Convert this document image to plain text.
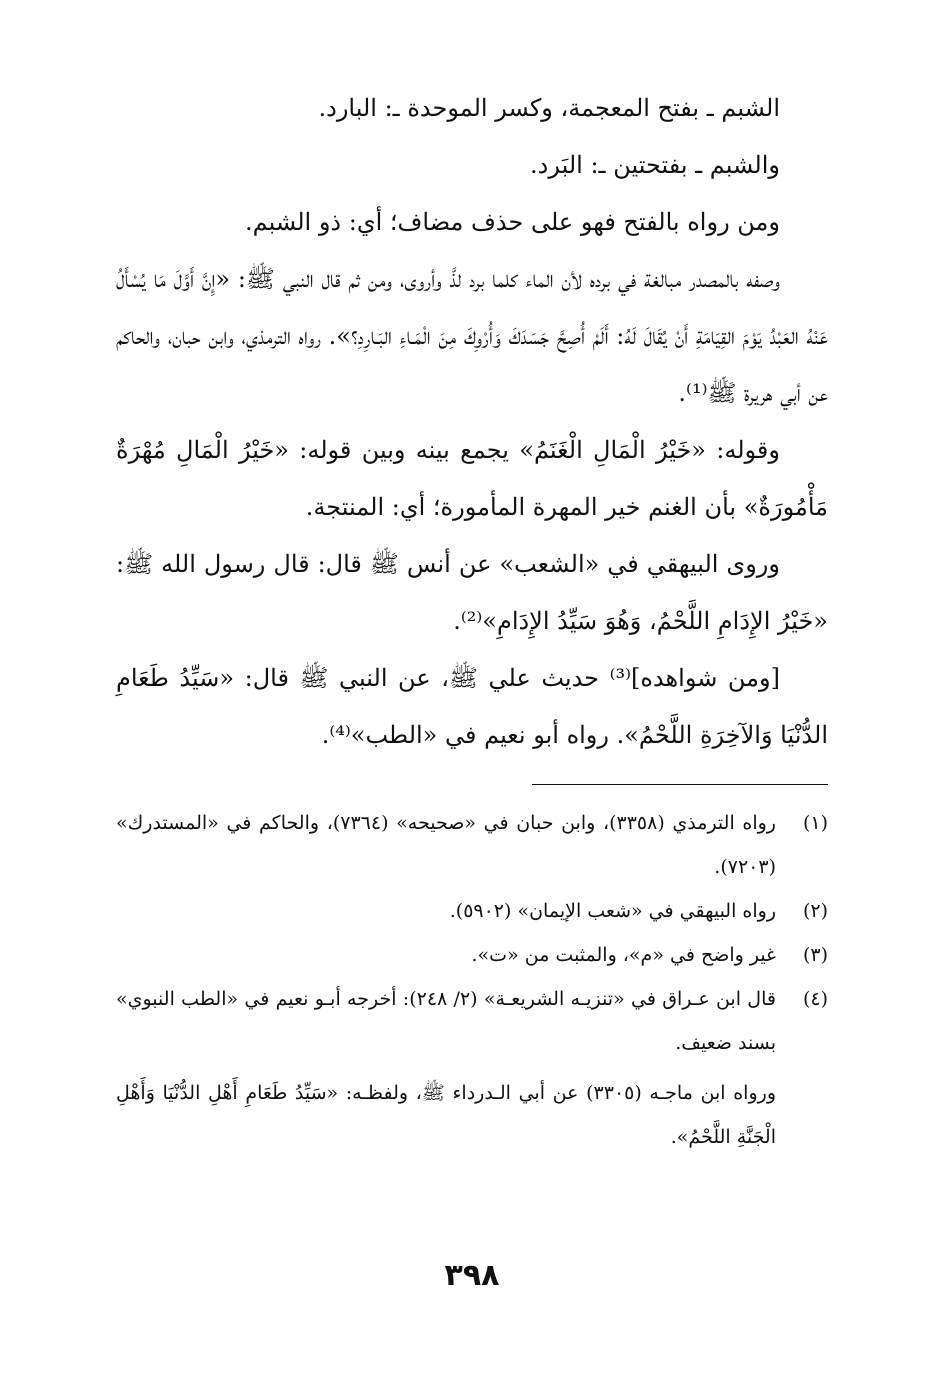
الشبم ـ بفتح المعجمة، وكسر الموحدة ـ: البارد.

والشبم ـ بفتحتين ـ: البَرد.

ومن رواه بالفتح فهو على حذف مضاف؛ أي: ذو الشبم.

وصفه بالمصدر مبالغة في برده لأن الماء كلما برد لذَّ وأروى، ومن ثم قال النبي ﷺ: «إِنَّ أَوَّلَ مَا يُسْأَلُ عَنْهُ العَبْدُ يَوْمَ القِيَامَةِ أَنْ يُقَالَ لَهُ: أَلَمْ أُصِحَّ جَسَدَكَ وَأُرْوِكَ مِنَ الْمَـاءِ البَـارِدِ؟». رواه الترمذي، وابن حبان، والحاكم عن أبي هريرة ﷺ⁽¹⁾.

وقوله: «خَيْرُ الْمَالِ الْغَنَمُ» يجمع بينه وبين قوله: «خَيْرُ الْمَالِ مُهْرَةٌ مَأْمُورَةٌ» بأن الغنم خير المهرة المأمورة؛ أي: المنتجة.

وروى البيهقي في «الشعب» عن أنس ﷺ قال: قال رسول الله ﷺ: «خَيْرُ الإِدَامِ اللَّحْمُ، وَهُوَ سَيِّدُ الإِدَامِ»⁽²⁾.

[ومن شواهده]⁽³⁾ حديث علي ﷺ، عن النبي ﷺ قال: «سَيِّدُ طَعَامِ الدُّنْيَا وَالآخِرَةِ اللَّحْمُ». رواه أبو نعيم في «الطب»⁽⁴⁾.

(١)
رواه الترمذي (٣٣٥٨)، وابن حبان في «صحيحه» (٧٣٦٤)، والحاكم في «المستدرك» (٧٢٠٣).
(٢)
رواه البيهقي في «شعب الإيمان» (٥٩٠٢).
(٣)
غير واضح في «م»، والمثبت من «ت».
(٤)
قال ابن عـراق في «تنزيـه الشريعـة» (٢/ ٢٤٨): أخرجه أبـو نعيم في «الطب النبوي» بسند ضعيف.
ورواه ابن ماجـه (٣٣٠٥) عن أبي الـدرداء ﷺ، ولفظـه: «سَيِّدُ طَعَامِ أَهْلِ الدُّنْيَا وَأَهْلِ الْجَنَّةِ اللَّحْمُ».
٣٩٨
